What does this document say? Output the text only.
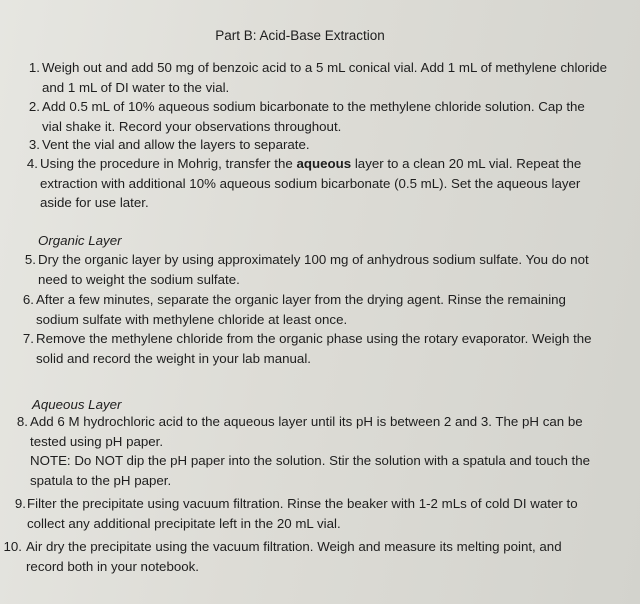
Part B: Acid-Base Extraction
1. Weigh out and add 50 mg of benzoic acid to a 5 mL conical vial. Add 1 mL of methylene chloride
and 1 mL of DI water to the vial.
2. Add 0.5 mL of 10% aqueous sodium bicarbonate to the methylene chloride solution. Cap the
vial shake it. Record your observations throughout.
3. Vent the vial and allow the layers to separate.
4. Using the procedure in Mohrig, transfer the aqueous layer to a clean 20 mL vial. Repeat the
extraction with additional 10% aqueous sodium bicarbonate (0.5 mL). Set the aqueous layer
aside for use later.
Organic Layer
5. Dry the organic layer by using approximately 100 mg of anhydrous sodium sulfate. You do not
need to weight the sodium sulfate.
6. After a few minutes, separate the organic layer from the drying agent. Rinse the remaining
sodium sulfate with methylene chloride at least once.
7. Remove the methylene chloride from the organic phase using the rotary evaporator. Weigh the
solid and record the weight in your lab manual.
Aqueous Layer
8. Add 6 M hydrochloric acid to the aqueous layer until its pH is between 2 and 3. The pH can be
tested using pH paper.
NOTE: Do NOT dip the pH paper into the solution. Stir the solution with a spatula and touch the
spatula to the pH paper.
9. Filter the precipitate using vacuum filtration. Rinse the beaker with 1-2 mLs of cold DI water to
collect any additional precipitate left in the 20 mL vial.
10. Air dry the precipitate using the vacuum filtration. Weigh and measure its melting point, and
record both in your notebook.
